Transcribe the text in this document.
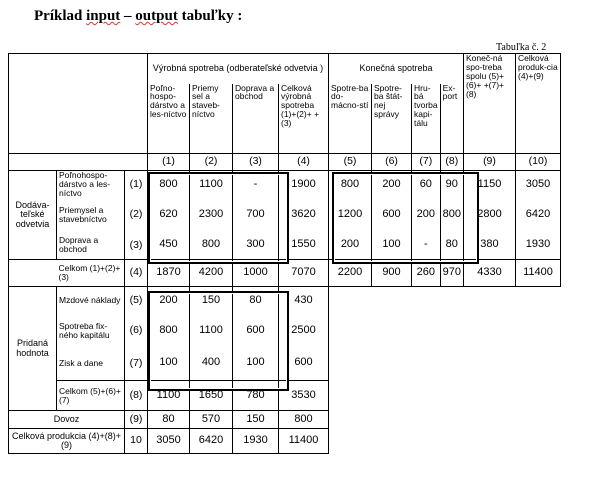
Príklad input – output tabuľky :
Tabuľka č. 2
			Výrobná spotreba (odberateľské odvetvia )				Konečná spotreba				Koneč-ná spo-treba spolu (5)+(6)+ +(7)+(8)	Celková produk-cia (4)+(9)
			Poľno-hospo-dárstvo a les-níctvo	Priemy sel a staveb-níctvo	Doprava a obchod	Celková výrobná spotreba (1)+(2)+ +(3)	Spotre-ba do-mácno-stí	Spotre-ba štát-nej správy	Hru-bá tvorba kapi-tálu	Ex-port		
			(1)	(2)	(3)	(4)	(5)	(6)	(7)	(8)	(9)	(10)
Dodáva-teľské odvetvia	Poľnohospo-dárstvo a les-níctvo	(1)	800	1100	-	1900	800	200	60	90	1150	3050
	Priemysel a stavebníctvo	(2)	620	2300	700	3620	1200	600	200	800	2800	6420
	Doprava a obchod	(3)	450	800	300	1550	200	100	-	80	380	1930
	Celkom (1)+(2)+(3)	(4)	1870	4200	1000	7070	2200	900	260	970	4330	11400
Pridaná hodnota	Mzdové náklady	(5)	200	150	80	430						
	Spotreba fix-ného kapitálu	(6)	800	1100	600	2500						
	Zisk a dane	(7)	100	400	100	600						
	Celkom (5)+(6)+(7)	(8)	1100	1650	780	3530						
Dovoz		(9)	80	570	150	800						
Celková produkcia (4)+(8)+(9)		10	3050	6420	1930	11400						
